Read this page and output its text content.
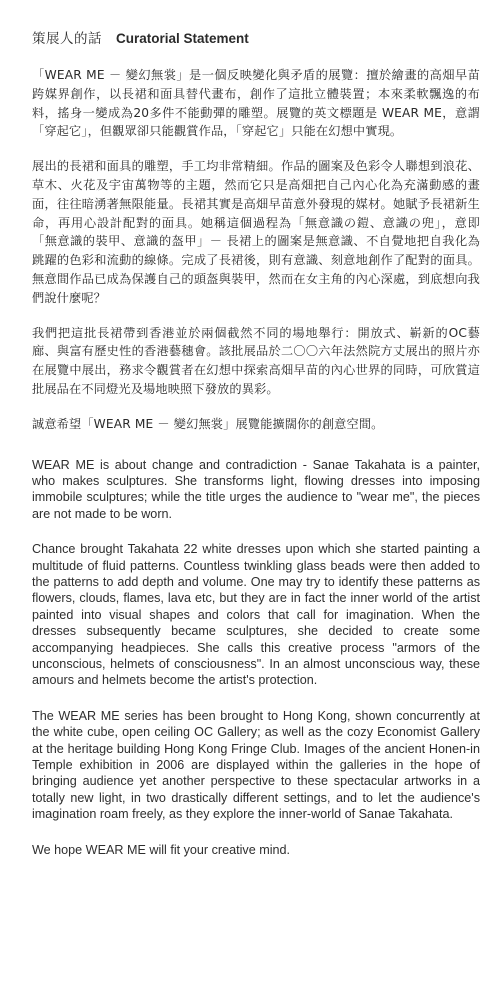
策展人的話 Curatorial Statement

「WEAR ME － 變幻無裳」是一個反映變化與矛盾的展覽：擅於繪畫的高畑早苗跨媒界創作，以長裙和面具替代畫布，創作了這批立體裝置；本來柔軟飄逸的布料，搖身一變成為20多件不能動彈的雕塑。展覽的英文標題是 WEAR ME，意謂「穿起它」，但觀眾卻只能觀賞作品，「穿起它」只能在幻想中實現。

展出的長裙和面具的雕塑，手工均非常精細。作品的圖案及色彩令人聯想到浪花、草木、火花及宇宙萬物等的主題，然而它只是高畑把自己內心化為充滿動感的畫面，往往暗湧著無限能量。長裙其實是高畑早苗意外發現的媒材。她賦予長裙新生命，再用心設計配對的面具。她稱這個過程為「無意識の鎧、意識の兜」，意即「無意識的裝甲、意識的盔甲」－ 長裙上的圖案是無意識、不自覺地把自我化為跳躍的色彩和流動的線條。完成了長裙後，則有意識、刻意地創作了配對的面具。無意間作品已成為保護自己的頭盔與裝甲，然而在女主角的內心深處，到底想向我們說什麼呢？

我們把這批長裙帶到香港並於兩個截然不同的場地舉行：開放式、嶄新的OC藝廊、與富有歷史性的香港藝穗會。該批展品於二〇〇六年法然院方丈展出的照片亦在展覽中展出，務求令觀賞者在幻想中探索高畑早苗的內心世界的同時，可欣賞這批展品在不同燈光及場地映照下發放的異彩。

誠意希望「WEAR ME － 變幻無裳」展覽能擴闊你的創意空間。

WEAR ME is about change and contradiction - Sanae Takahata is a painter, who makes sculptures. She transforms light, flowing dresses into imposing immobile sculptures; while the title urges the audience to "wear me", the pieces are not made to be worn.

Chance brought Takahata 22 white dresses upon which she started painting a multitude of fluid patterns. Countless twinkling glass beads were then added to the patterns to add depth and volume. One may try to identify these patterns as flowers, clouds, flames, lava etc, but they are in fact the inner world of the artist painted into visual shapes and colors that call for imagination. When the dresses subsequently became sculptures, she decided to create some accompanying headpieces. She calls this creative process "armors of the unconscious, helmets of consciousness". In an almost unconscious way, these amours and helmets become the artist's protection.

The WEAR ME series has been brought to Hong Kong, shown concurrently at the white cube, open ceiling OC Gallery; as well as the cozy Economist Gallery at the heritage building Hong Kong Fringe Club. Images of the ancient Honen-in Temple exhibition in 2006 are displayed within the galleries in the hope of bringing audience yet another perspective to these spectacular artworks in a totally new light, in two drastically different settings, and to let the audience's imagination roam freely, as they explore the inner-world of Sanae Takahata.

We hope WEAR ME will fit your creative mind.
